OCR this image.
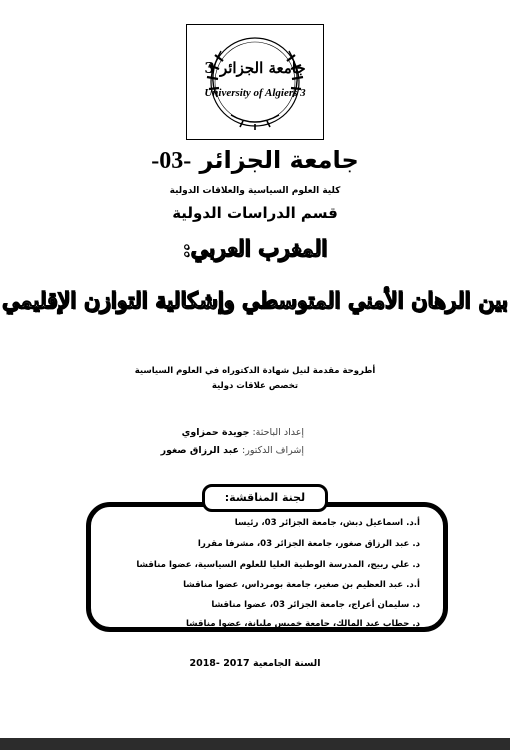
جامعة الجزائر 3
University of Algiers 3
جامعة الجزائر -03-
كلية العلوم السياسية والعلاقات الدولية
قسم الدراسات الدولية
المغرب العربي:
بين الرهان الأمني المتوسطي وإشكالية التوازن الإقليمي
أطروحة مقدمة لنيل شهادة الدكتوراه في العلوم السياسية
تخصص علاقات دولية
إعداد الباحثة: جويدة حمزاوي
إشراف الدكتور: عبد الرزاق صغور
لجنة المناقشة:
أ.د. اسماعيل دبش، جامعة الجزائر 03، رئيسا
د. عبد الرزاق صغور، جامعة الجزائر 03، مشرفا مقررا
د. علي ربيج، المدرسة الوطنية العليا للعلوم السياسية، عضوا مناقشا
أ.د. عبد العظيم بن صغير، جامعة بومرداس، عضوا مناقشا
د. سليمان أعراج، جامعة الجزائر 03، عضوا مناقشا
د. حطاب عبد المالك، جامعة خميس مليانة، عضوا مناقشا
السنة الجامعية 2017 -2018
